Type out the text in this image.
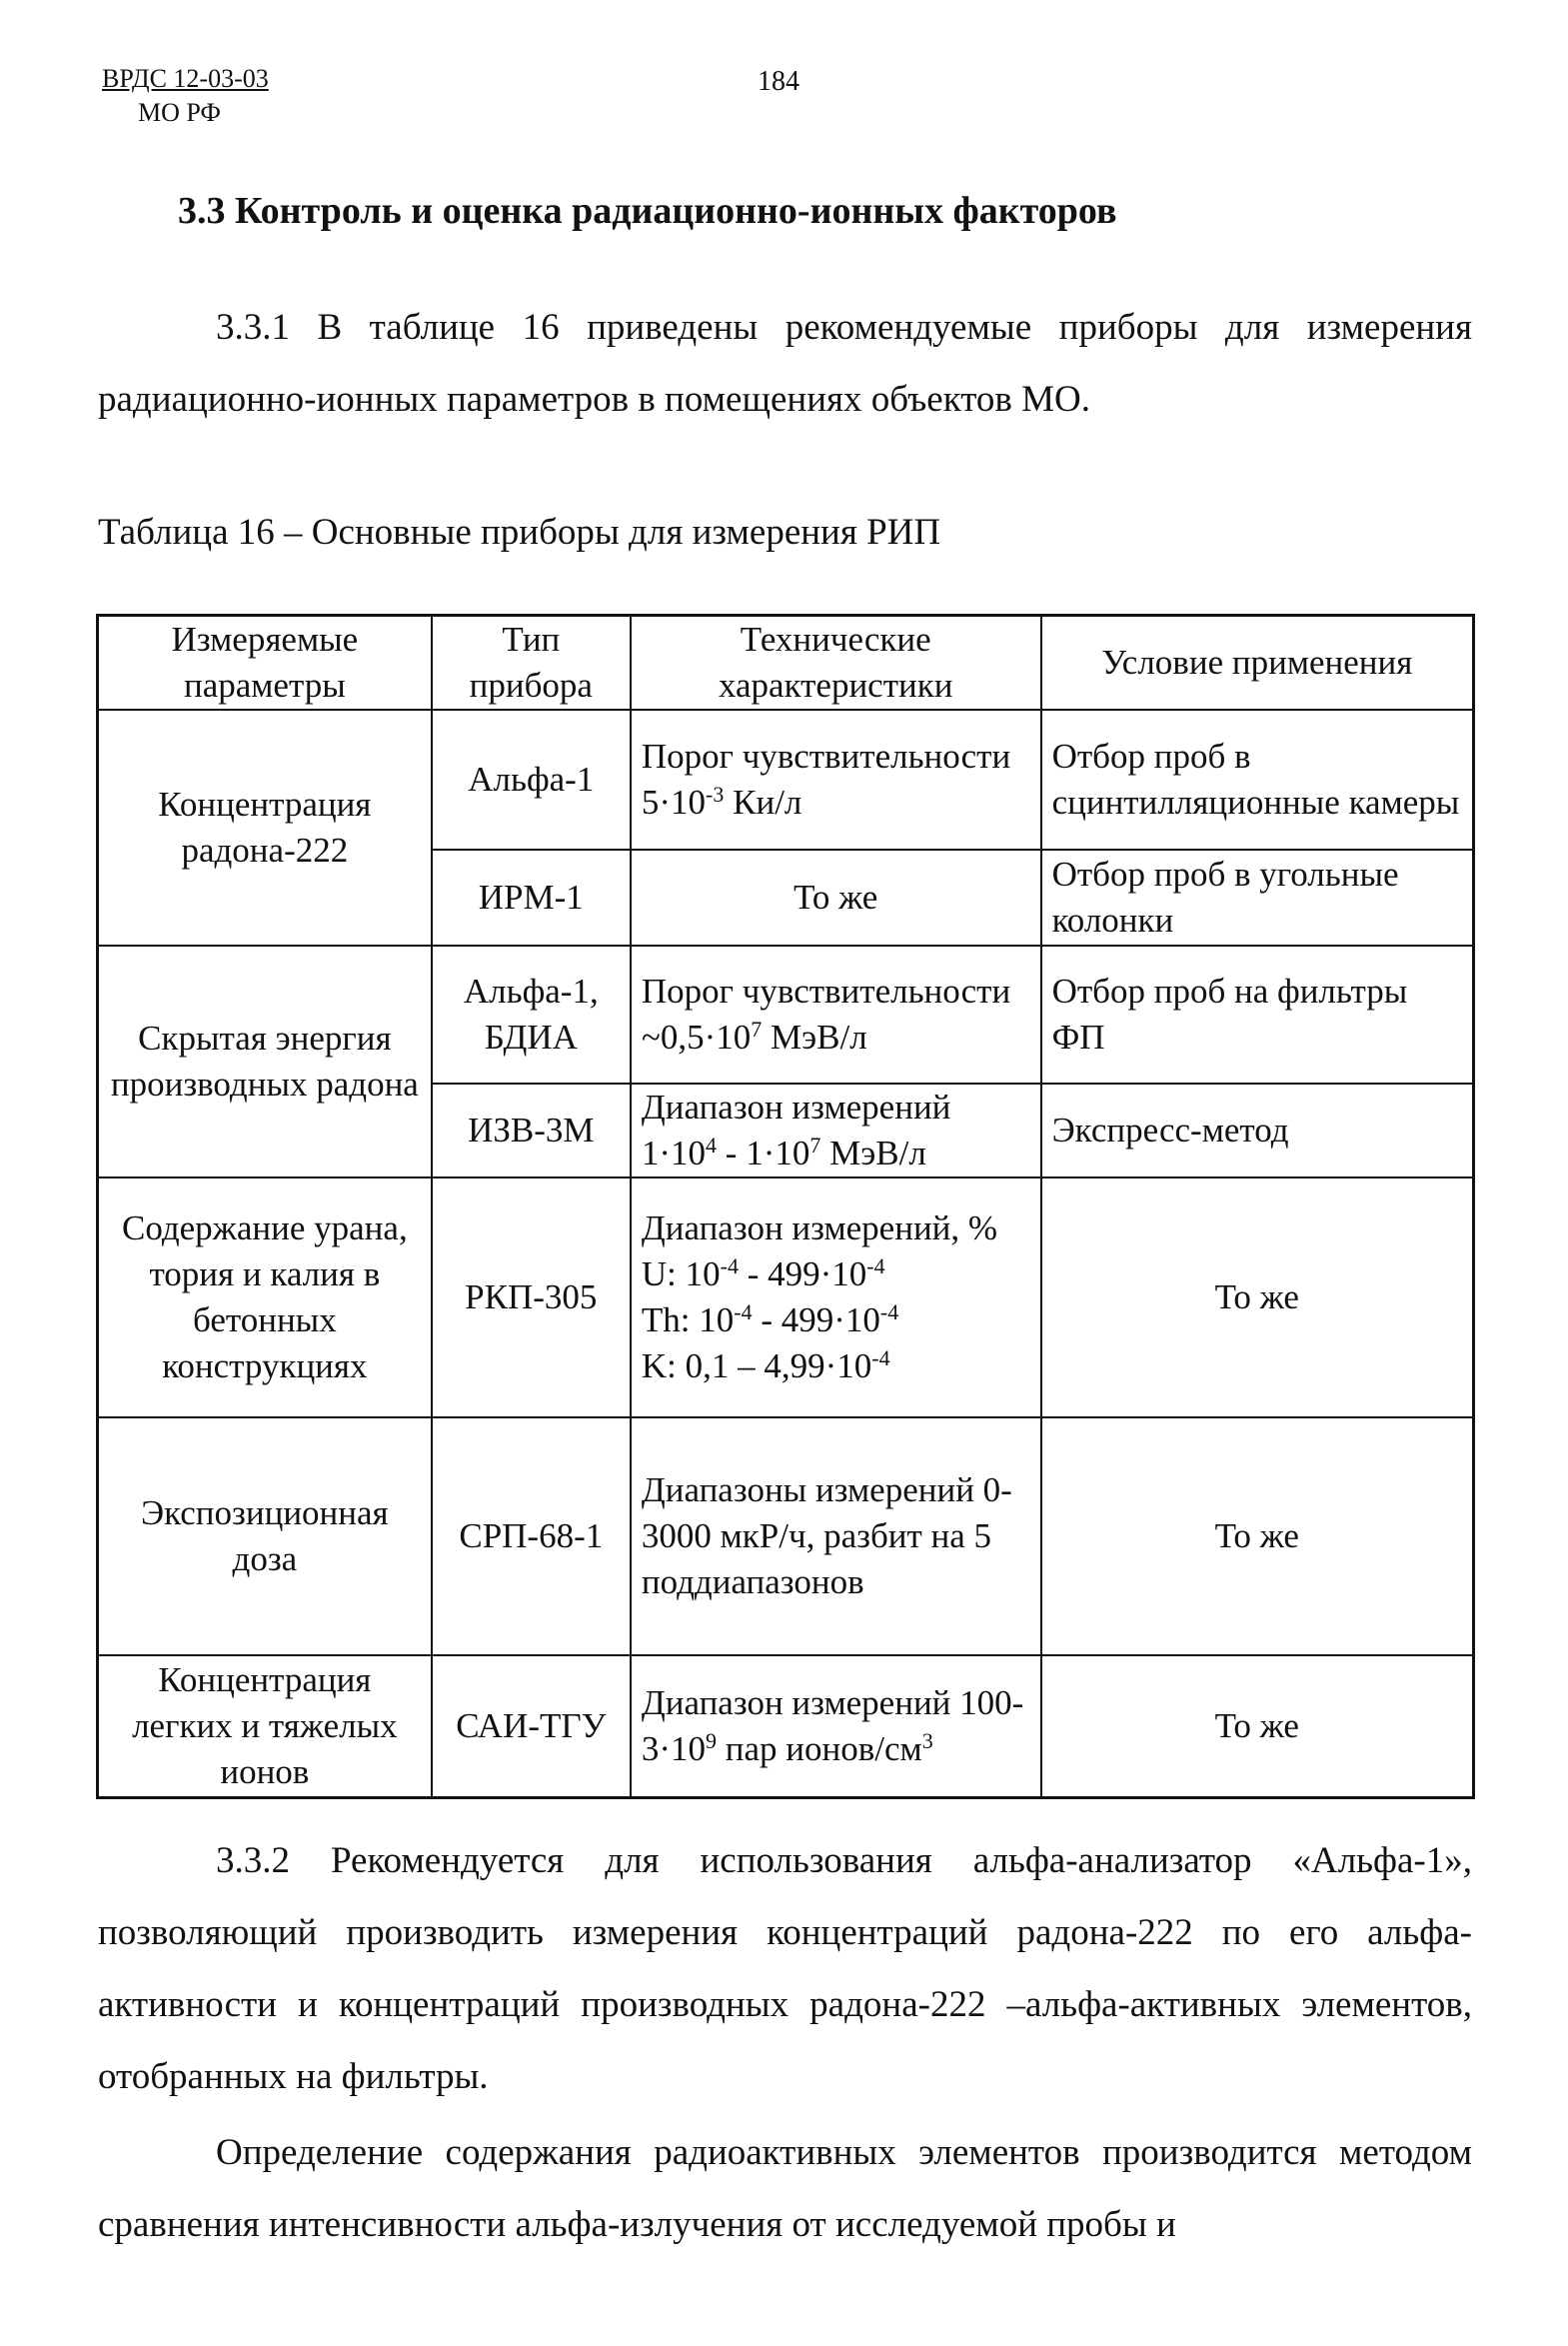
ВРДС 12-03-03
МО РФ
184
3.3 Контроль и оценка радиационно-ионных факторов
3.3.1 В таблице 16 приведены рекомендуемые приборы для измерения радиационно-ионных параметров в помещениях объектов МО.
Таблица 16 – Основные приборы для измерения РИП
Измеряемые параметры	Тип прибора	Технические характеристики	Условие применения
Концентрация радона-222	Альфа-1	Порог чувствительности $5\cdot 10^{-3}$ Ки/л	Отбор проб в сцинтилляционные камеры
	ИРМ-1	То же	Отбор проб в угольные колонки
Скрытая энергия производных радона	Альфа-1, БДИА	Порог чувствительности $\sim 0,5\cdot 10^7$ МэВ/л	Отбор проб на фильтры ФП
	ИЗВ-3М	Диапазон измерений $1\cdot 10^4 - 1\cdot 10^7$ МэВ/л	Экспресс-метод
Содержание урана, тория и калия в бетонных конструкциях	РКП-305	Диапазон измерений, %
U: $10^{-4} - 499\cdot 10^{-4}$
Th: $10^{-4} - 499\cdot 10^{-4}$
K: $0,1 - 4,99\cdot 10^{-4}$	То же
Экспозиционная доза	СРП-68-1	Диапазоны измерений 0-3000 мкР/ч, разбит на 5 поддиапазонов	То же
Концентрация легких и тяжелых ионов	САИ-ТГУ	Диапазон измерений $100-3\cdot 10^9$ пар ионов/$см^3$	То же
3.3.2 Рекомендуется для использования альфа-анализатор «Альфа-1», позволяющий производить измерения концентраций радона-222 по его альфа-активности и концентраций производных радона-222 –альфа-активных элементов, отобранных на фильтры.
Определение содержания радиоактивных элементов производится методом сравнения интенсивности альфа-излучения от исследуемой пробы и
